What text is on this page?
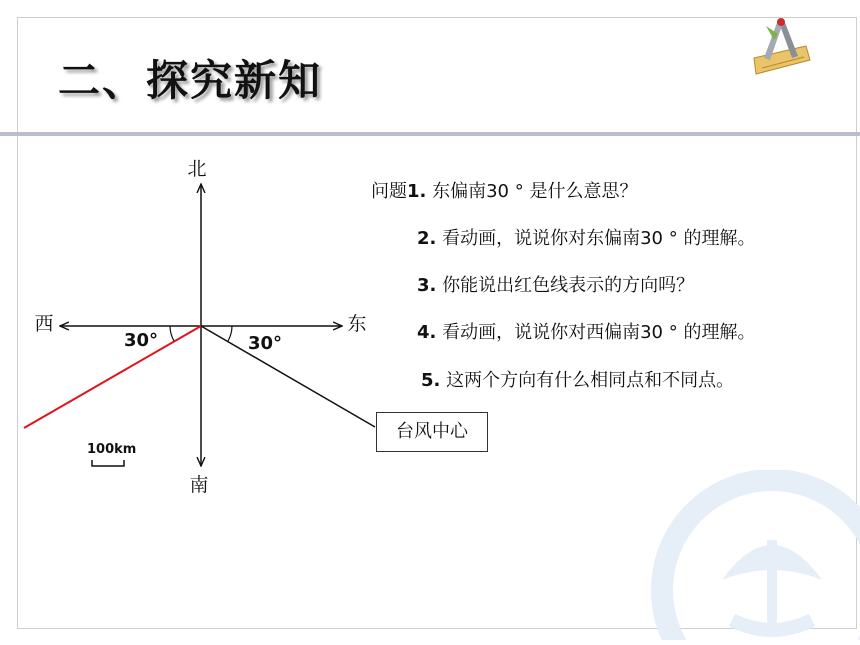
二、探究新知
北
南
东
西
30°	30°
100km
台风中心
问题1. 东偏南30 ° 是什么意思？
2. 看动画，说说你对东偏南30 ° 的理解。
3. 你能说出红色线表示的方向吗？
4. 看动画，说说你对西偏南30 ° 的理解。
5. 这两个方向有什么相同点和不同点。
